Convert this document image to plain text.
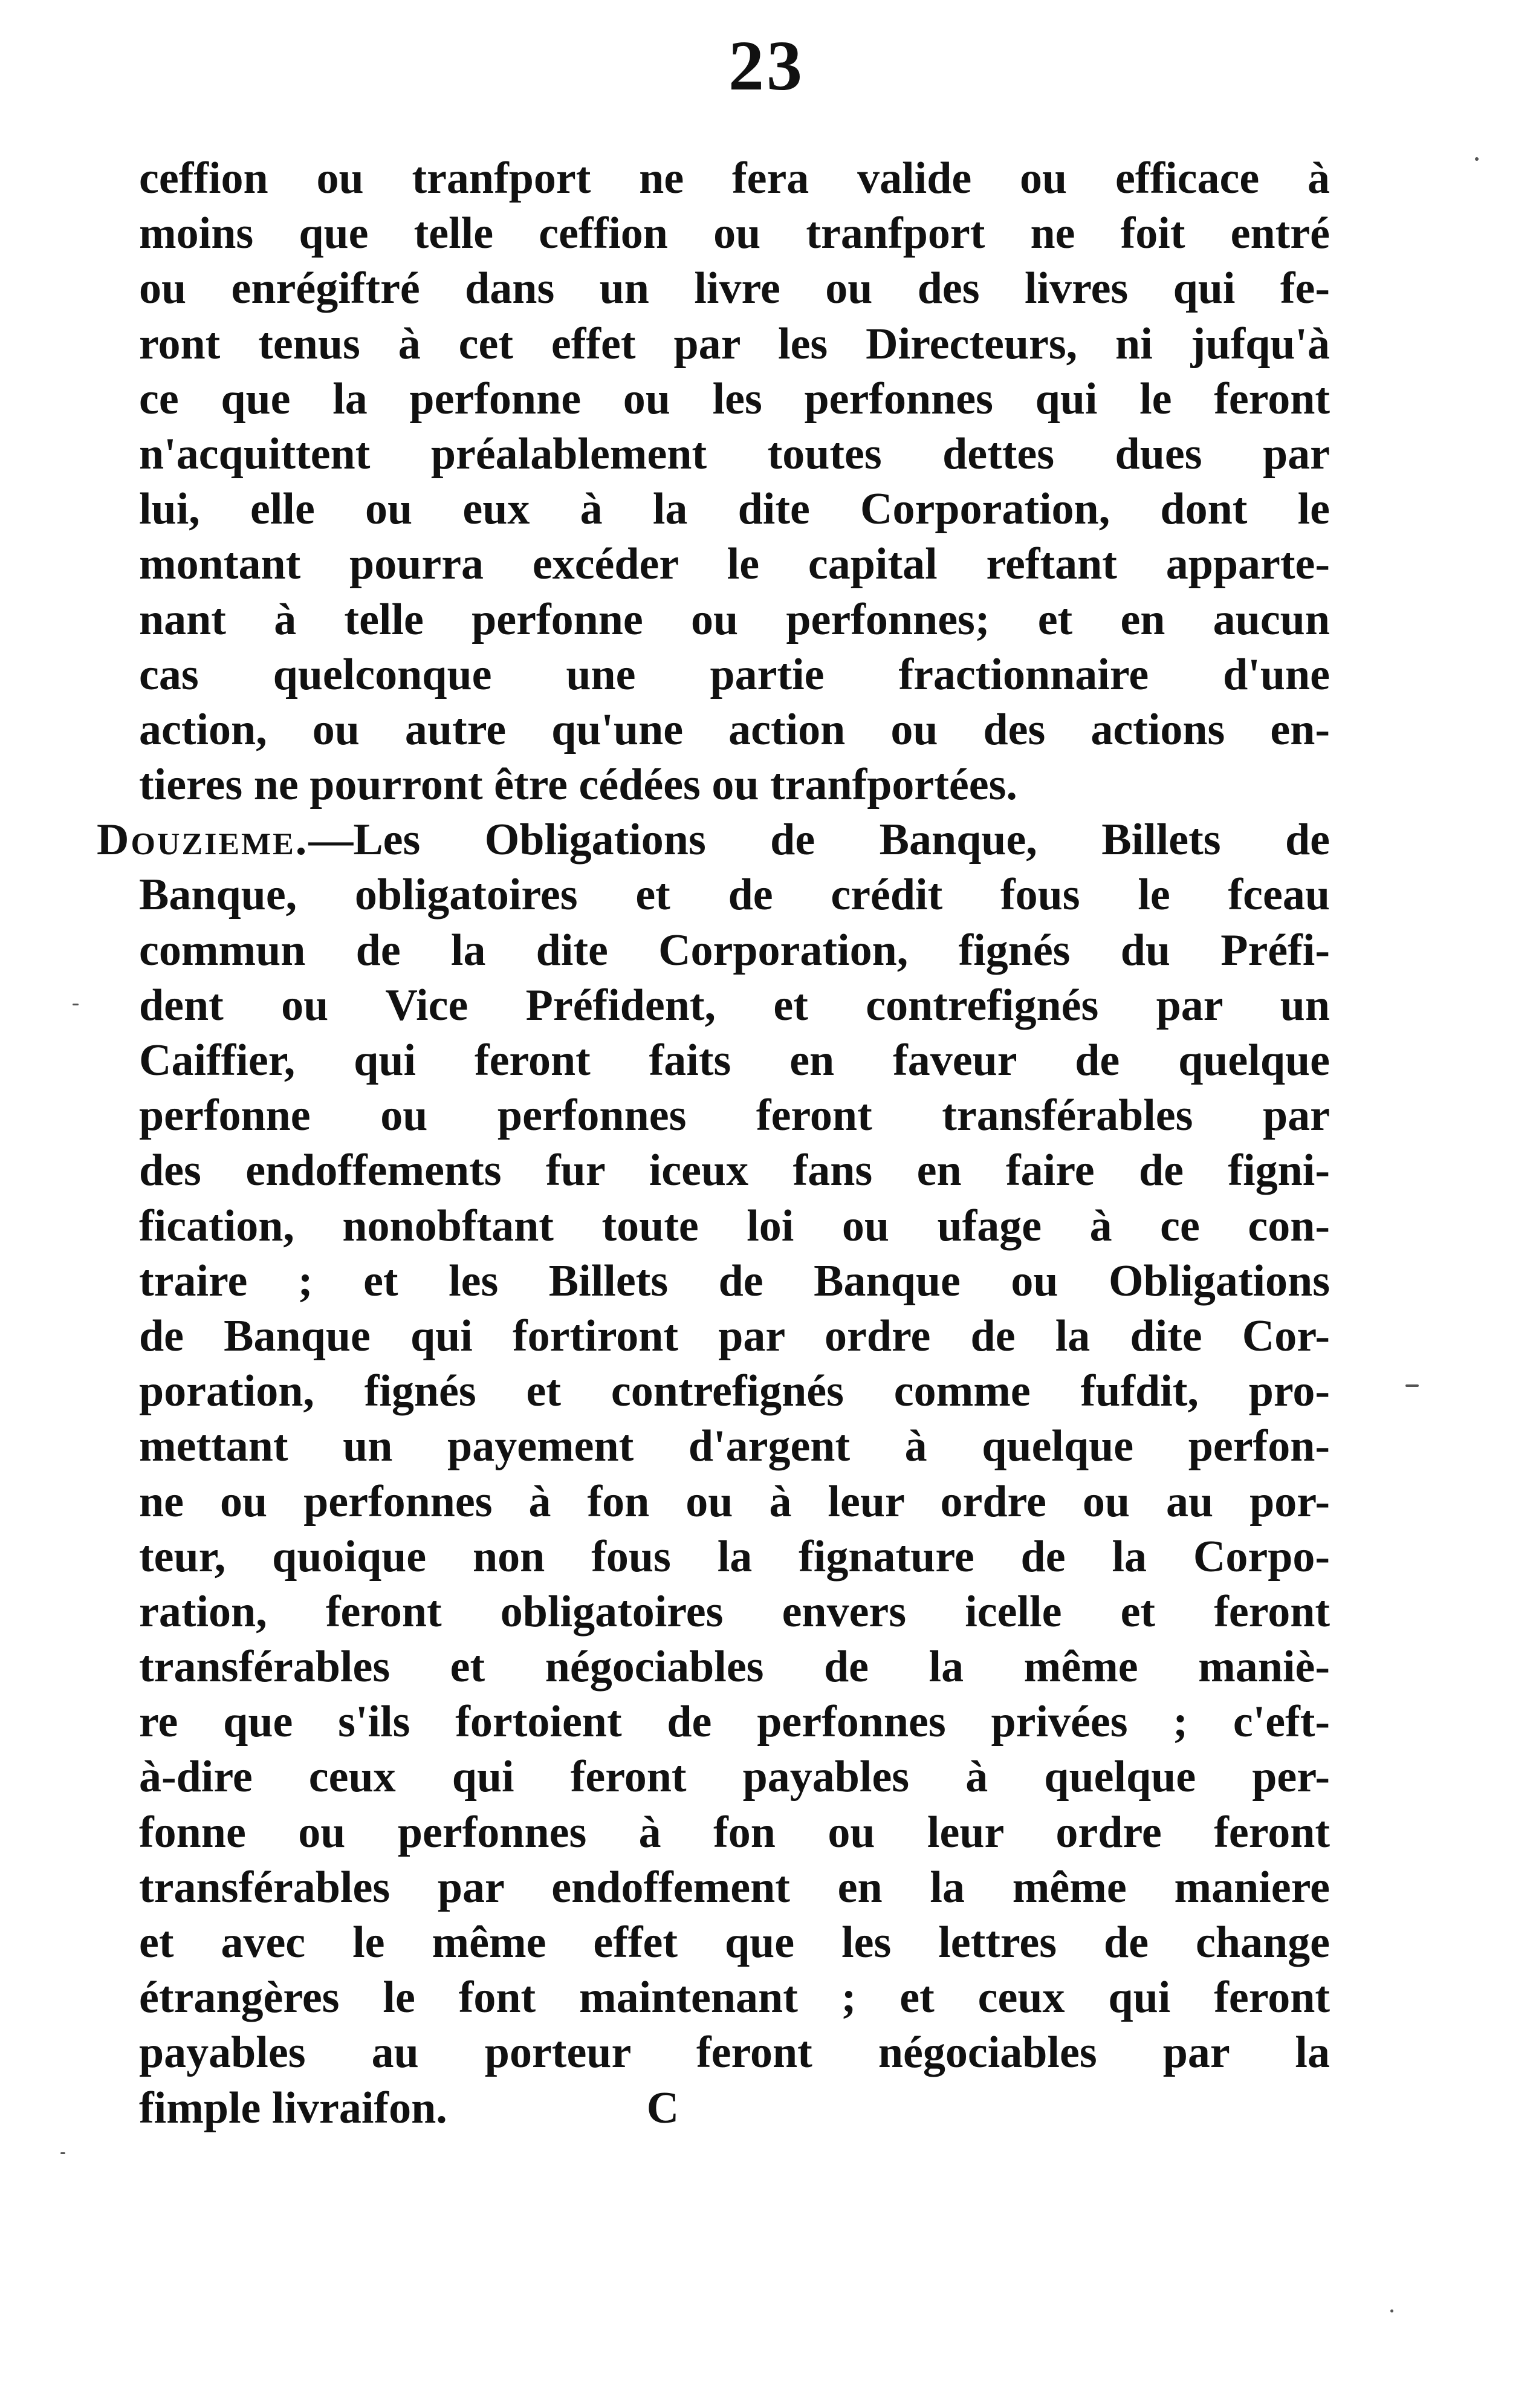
23
ceffion ou tranfport ne fera valide ou efficace à
moins que telle ceffion ou tranfport ne foit entré
ou enrégiftré dans un livre ou des livres qui fe-
ront tenus à cet effet par les Directeurs, ni jufqu'à
ce que la perfonne ou les perfonnes qui le feront
n'acquittent préalablement toutes dettes dues par
lui, elle ou eux à la dite Corporation, dont le
montant pourra excéder le capital reftant apparte-
nant à telle perfonne ou perfonnes; et en aucun
cas quelconque une partie fractionnaire d'une
action, ou autre qu'une action ou des actions en-
tieres ne pourront être cédées ou tranfportées.
Douzieme.—Les Obligations de Banque, Billets de
Banque, obligatoires et de crédit fous le fceau
commun de la dite Corporation, fignés du Préfi-
dent ou Vice Préfident, et contrefignés par un
Caiffier, qui feront faits en faveur de quelque
perfonne ou perfonnes feront transférables par
des endoffements fur iceux fans en faire de figni-
fication, nonobftant toute loi ou ufage à ce con-
traire ; et les Billets de Banque ou Obligations
de Banque qui fortiront par ordre de la dite Cor-
poration, fignés et contrefignés comme fufdit, pro-
mettant un payement d'argent à quelque perfon-
ne ou perfonnes à fon ou à leur ordre ou au por-
teur, quoique non fous la fignature de la Corpo-
ration, feront obligatoires envers icelle et feront
transférables et négociables de la même maniè-
re que s'ils fortoient de perfonnes privées ; c'eft-
à-dire ceux qui feront payables à quelque per-
fonne ou perfonnes à fon ou leur ordre feront
transférables par endoffement en la même maniere
et avec le même effet que les lettres de change
étrangères le font maintenant ; et ceux qui feront
payables au porteur feront négociables par la
fimple livraifon.	C
